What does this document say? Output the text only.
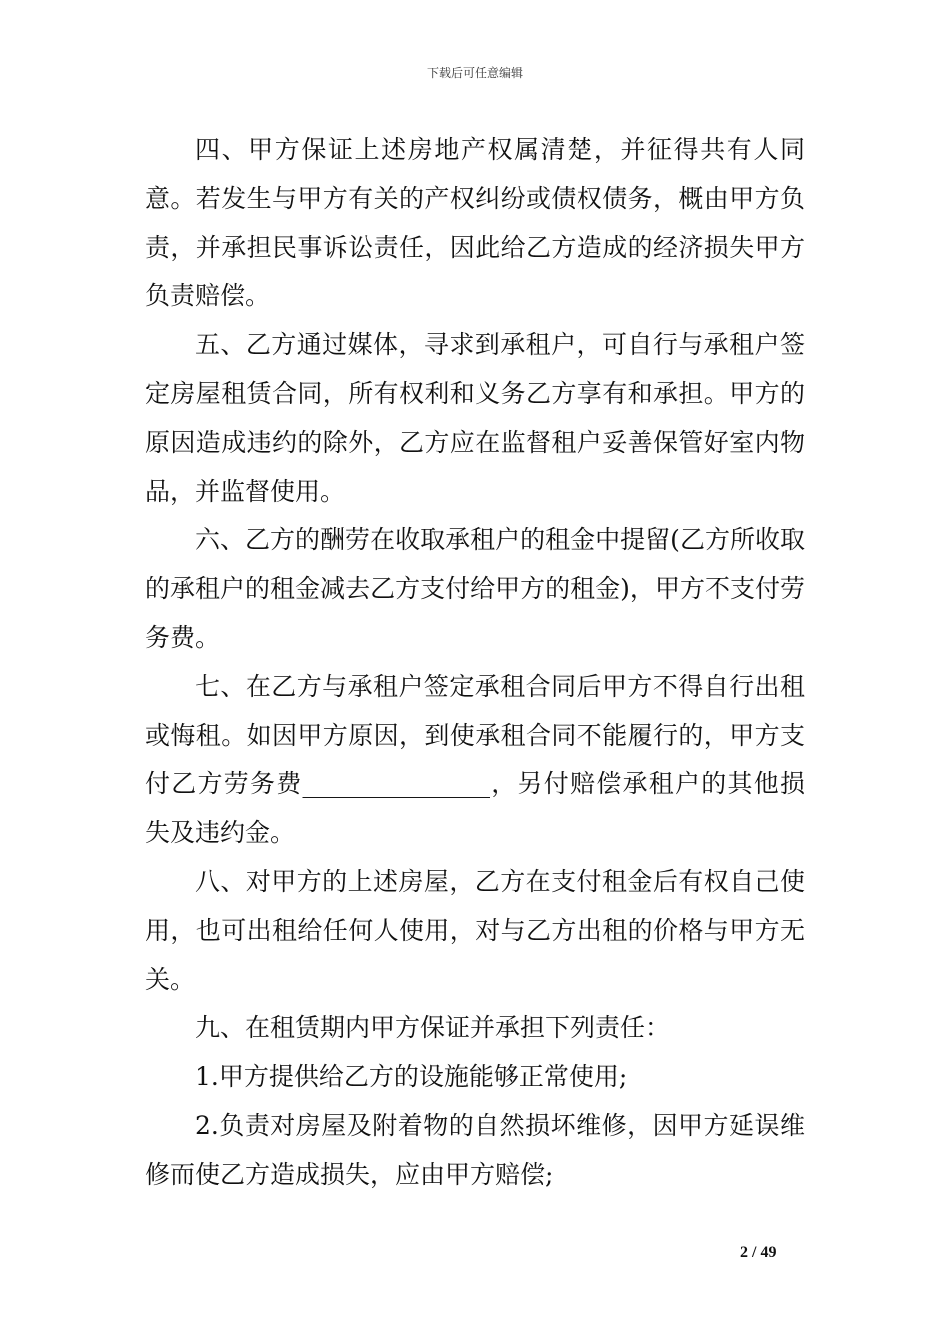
下载后可任意编辑

四、甲方保证上述房地产权属清楚，并征得共有人同意。若发生与甲方有关的产权纠纷或债权债务，概由甲方负责，并承担民事诉讼责任，因此给乙方造成的经济损失甲方负责赔偿。

五、乙方通过媒体，寻求到承租户，可自行与承租户签定房屋租赁合同，所有权利和义务乙方享有和承担。甲方的原因造成违约的除外，乙方应在监督租户妥善保管好室内物品，并监督使用。

六、乙方的酬劳在收取承租户的租金中提留(乙方所收取的承租户的租金减去乙方支付给甲方的租金)，甲方不支付劳务费。

七、在乙方与承租户签定承租合同后甲方不得自行出租或悔租。如因甲方原因，到使承租合同不能履行的，甲方支付乙方劳务费_______________，另付赔偿承租户的其他损失及违约金。

八、对甲方的上述房屋，乙方在支付租金后有权自己使用，也可出租给任何人使用，对与乙方出租的价格与甲方无关。

九、在租赁期内甲方保证并承担下列责任：

1.甲方提供给乙方的设施能够正常使用;

2.负责对房屋及附着物的自然损坏维修，因甲方延误维修而使乙方造成损失，应由甲方赔偿;

2 / 49
